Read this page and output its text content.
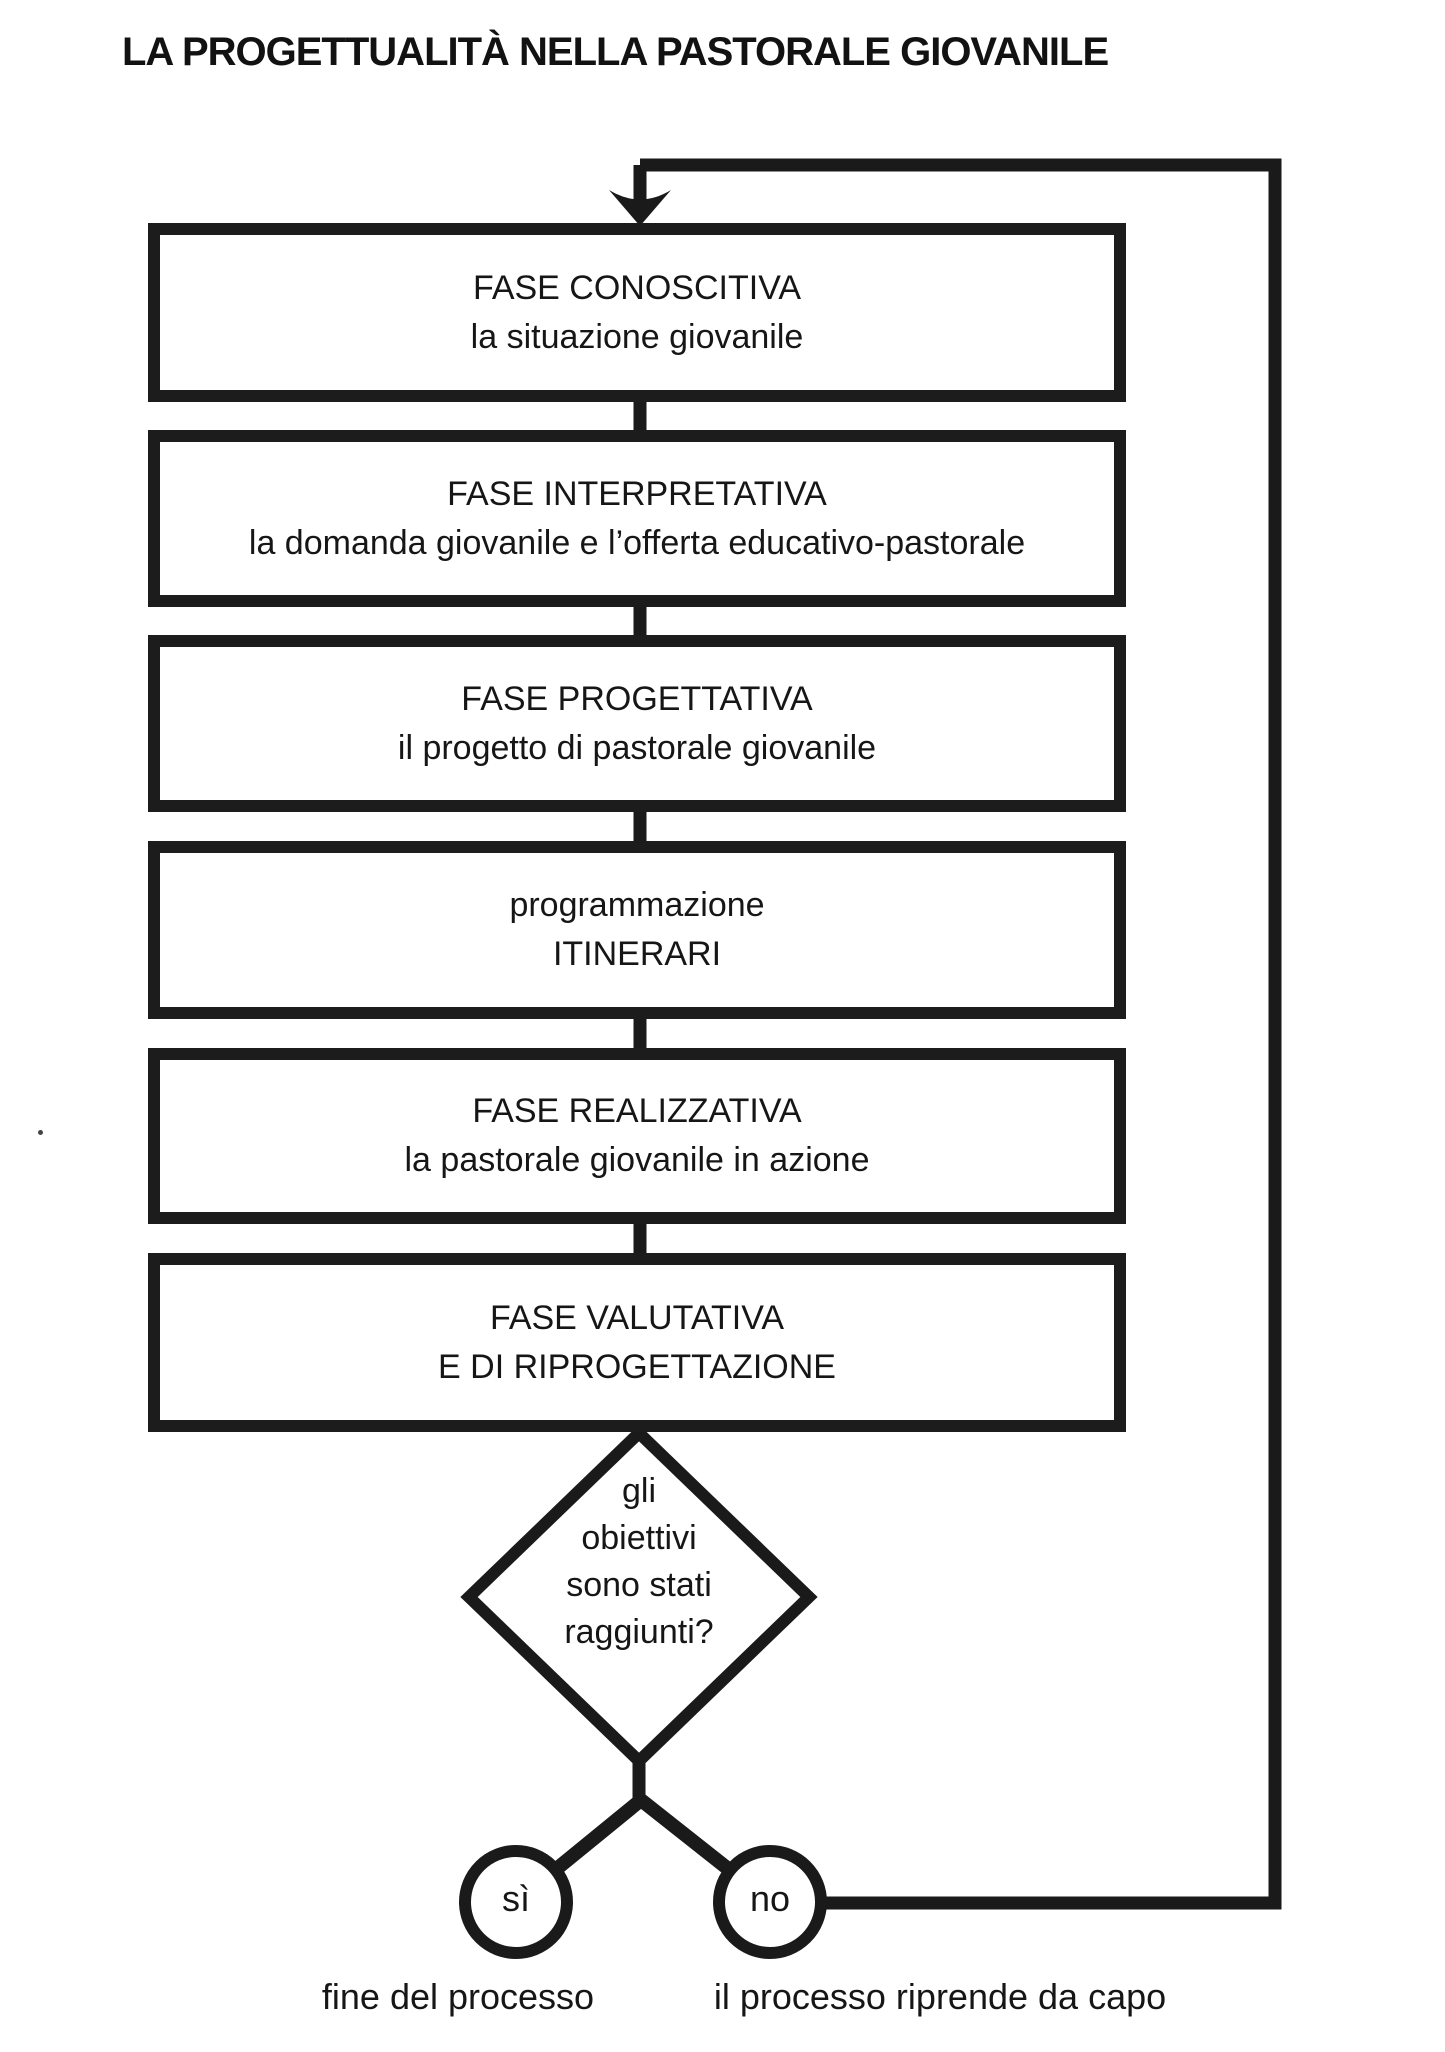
LA PROGETTUALITÀ NELLA PASTORALE GIOVANILE
FASE CONOSCITIVA
la situazione giovanile
FASE INTERPRETATIVA
la domanda giovanile e l’offerta educativo-pastorale
FASE PROGETTATIVA
il progetto di pastorale giovanile
programmazione
ITINERARI
FASE REALIZZATIVA
la pastorale giovanile in azione
FASE VALUTATIVA
E DI RIPROGETTAZIONE
gli
obiettivi
sono stati
raggiunti?
sì	no
fine del processo	il processo riprende da capo
